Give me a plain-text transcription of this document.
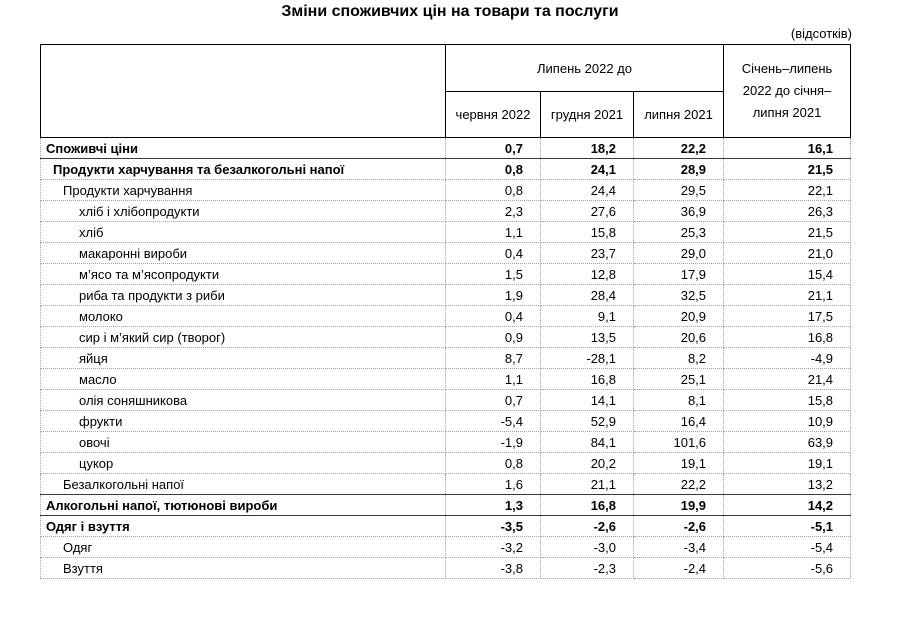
Зміни споживчих цін на товари та послуги
(відсотків)
	Липень 2022 до			Січень–липень 2022 до січня–липня 2021
	червня 2022	грудня 2021	липня 2021	
Споживчі ціни	0,7	18,2	22,2	16,1
Продукти харчування та безалкогольні напої	0,8	24,1	28,9	21,5
Продукти харчування	0,8	24,4	29,5	22,1
хліб і хлібопродукти	2,3	27,6	36,9	26,3
хліб	1,1	15,8	25,3	21,5
макаронні вироби	0,4	23,7	29,0	21,0
м’ясо та м’ясопродукти	1,5	12,8	17,9	15,4
риба та продукти з риби	1,9	28,4	32,5	21,1
молоко	0,4	9,1	20,9	17,5
сир і м’який сир (творог)	0,9	13,5	20,6	16,8
яйця	8,7	-28,1	8,2	-4,9
масло	1,1	16,8	25,1	21,4
олія соняшникова	0,7	14,1	8,1	15,8
фрукти	-5,4	52,9	16,4	10,9
овочі	-1,9	84,1	101,6	63,9
цукор	0,8	20,2	19,1	19,1
Безалкогольні напої	1,6	21,1	22,2	13,2
Алкогольні напої, тютюнові вироби	1,3	16,8	19,9	14,2
Одяг і взуття	-3,5	-2,6	-2,6	-5,1
Одяг	-3,2	-3,0	-3,4	-5,4
Взуття	-3,8	-2,3	-2,4	-5,6
